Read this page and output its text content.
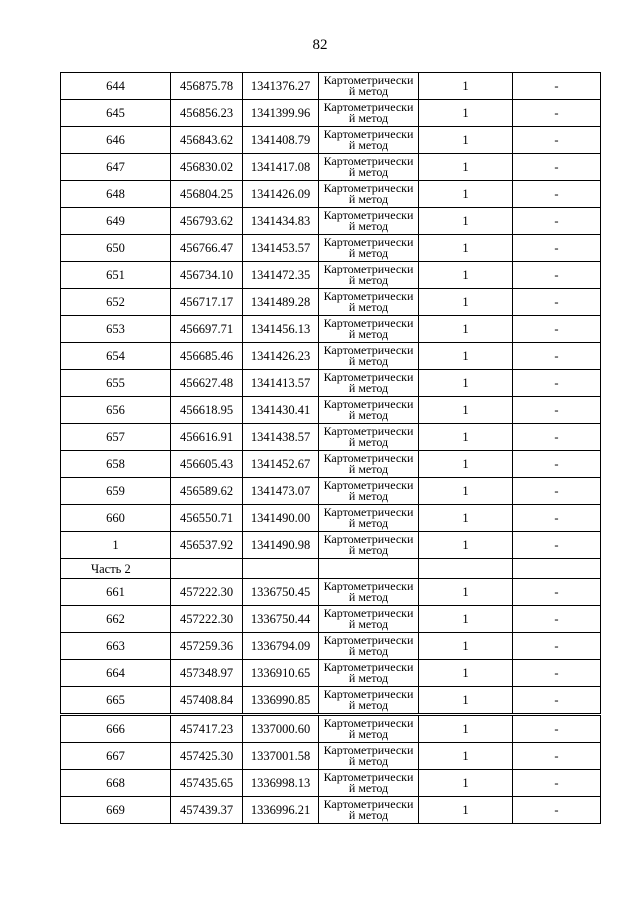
82
644	456875.78	1341376.27	Картометрически й метод	1	-
645	456856.23	1341399.96	Картометрически й метод	1	-
646	456843.62	1341408.79	Картометрически й метод	1	-
647	456830.02	1341417.08	Картометрически й метод	1	-
648	456804.25	1341426.09	Картометрически й метод	1	-
649	456793.62	1341434.83	Картометрически й метод	1	-
650	456766.47	1341453.57	Картометрически й метод	1	-
651	456734.10	1341472.35	Картометрически й метод	1	-
652	456717.17	1341489.28	Картометрически й метод	1	-
653	456697.71	1341456.13	Картометрически й метод	1	-
654	456685.46	1341426.23	Картометрически й метод	1	-
655	456627.48	1341413.57	Картометрически й метод	1	-
656	456618.95	1341430.41	Картометрически й метод	1	-
657	456616.91	1341438.57	Картометрически й метод	1	-
658	456605.43	1341452.67	Картометрически й метод	1	-
659	456589.62	1341473.07	Картометрически й метод	1	-
660	456550.71	1341490.00	Картометрически й метод	1	-
1	456537.92	1341490.98	Картометрически й метод	1	-
Часть 2					
661	457222.30	1336750.45	Картометрически й метод	1	-
662	457222.30	1336750.44	Картометрически й метод	1	-
663	457259.36	1336794.09	Картометрически й метод	1	-
664	457348.97	1336910.65	Картометрически й метод	1	-
665	457408.84	1336990.85	Картометрически й метод	1	-
666	457417.23	1337000.60	Картометрически й метод	1	-
667	457425.30	1337001.58	Картометрически й метод	1	-
668	457435.65	1336998.13	Картометрически й метод	1	-
669	457439.37	1336996.21	Картометрически й метод	1	-
